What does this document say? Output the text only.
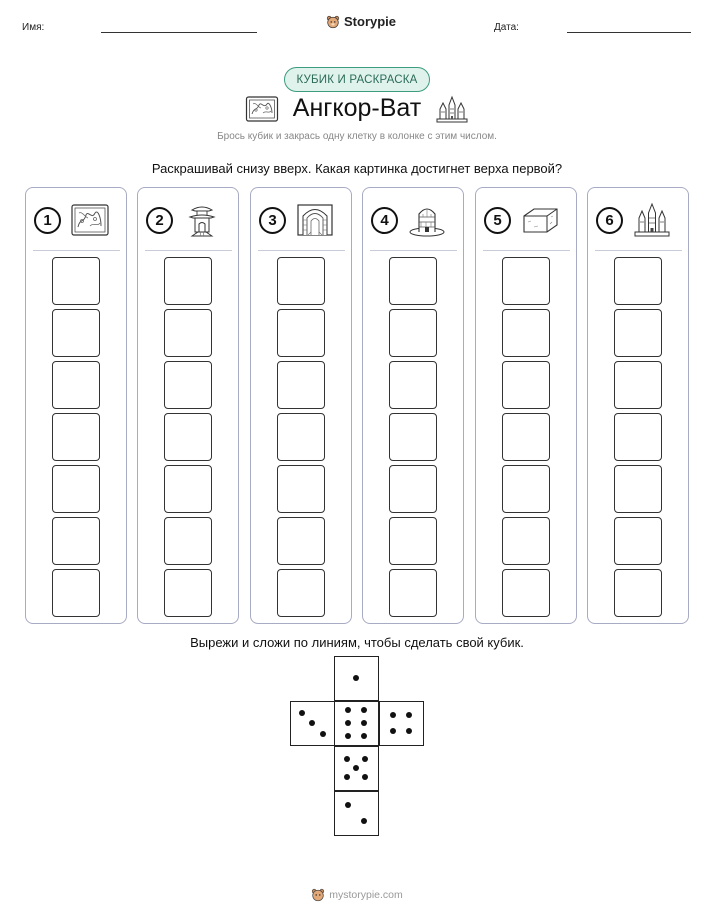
Имя:	Storypie	Дата:
КУБИК И РАСКРАСКА
Ангкор-Ват
Брось кубик и закрась одну клетку в колонке с этим числом.
Раскрашивай снизу вверх. Какая картинка достигнет верха первой?
1	2	3	4	5	6
Вырежи и сложи по линиям, чтобы сделать свой кубик.
mystorypie.com
